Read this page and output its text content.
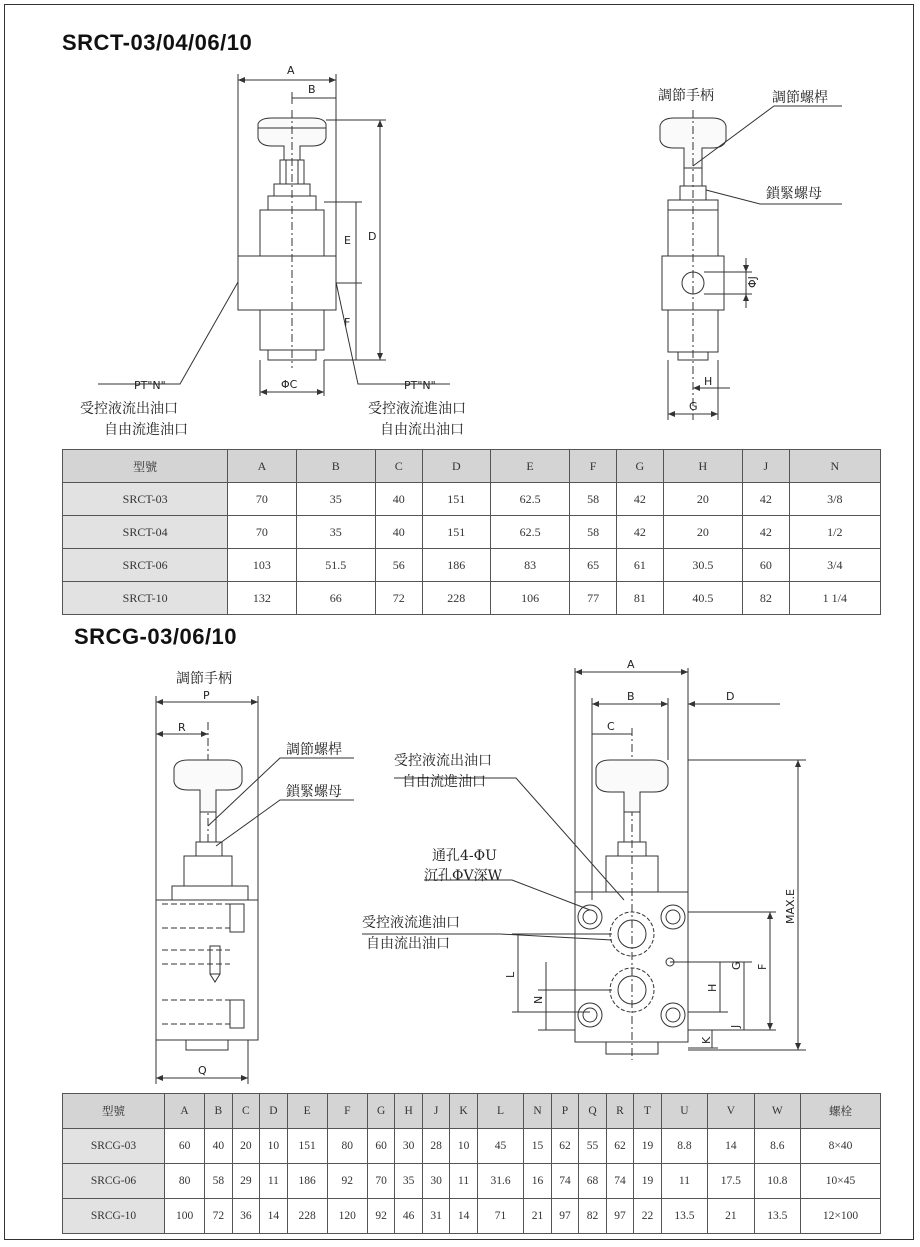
SRCT-03/04/06/10
A
B
D
E
F
ΦC
PT"N"
受控液流出油口
自由流進油口
PT"N"
受控液流進油口
自由流出油口
ΦJ
H
G
調節手柄	調節螺桿
鎖緊螺母
型號	A	B	C	D	E	F	G	H	J	N
SRCT-03	70	35	40	151	62.5	58	42	20	42	3/8
SRCT-04	70	35	40	151	62.5	58	42	20	42	1/2
SRCT-06	103	51.5	56	186	83	65	61	30.5	60	3/4
SRCT-10	132	66	72	228	106	77	81	40.5	82	1 1/4
SRCG-03/06/10
調節手柄
P
R
Q
調節螺桿
鎖緊螺母
A
B	D
C
受控液流出油口
自由流進油口
通孔4-ΦU
沉孔ΦV深W
受控液流進油口
自由流出油口
MAX.E
F
G
H
J
K
L
N
型號	A	B	C	D	E	F	G	H	J	K	L	N	P	Q	R	T	U	V	W	螺栓
SRCG-03	60	40	20	10	151	80	60	30	28	10	45	15	62	55	62	19	8.8	14	8.6	8×40
SRCG-06	80	58	29	11	186	92	70	35	30	11	31.6	16	74	68	74	19	11	17.5	10.8	10×45
SRCG-10	100	72	36	14	228	120	92	46	31	14	71	21	97	82	97	22	13.5	21	13.5	12×100
